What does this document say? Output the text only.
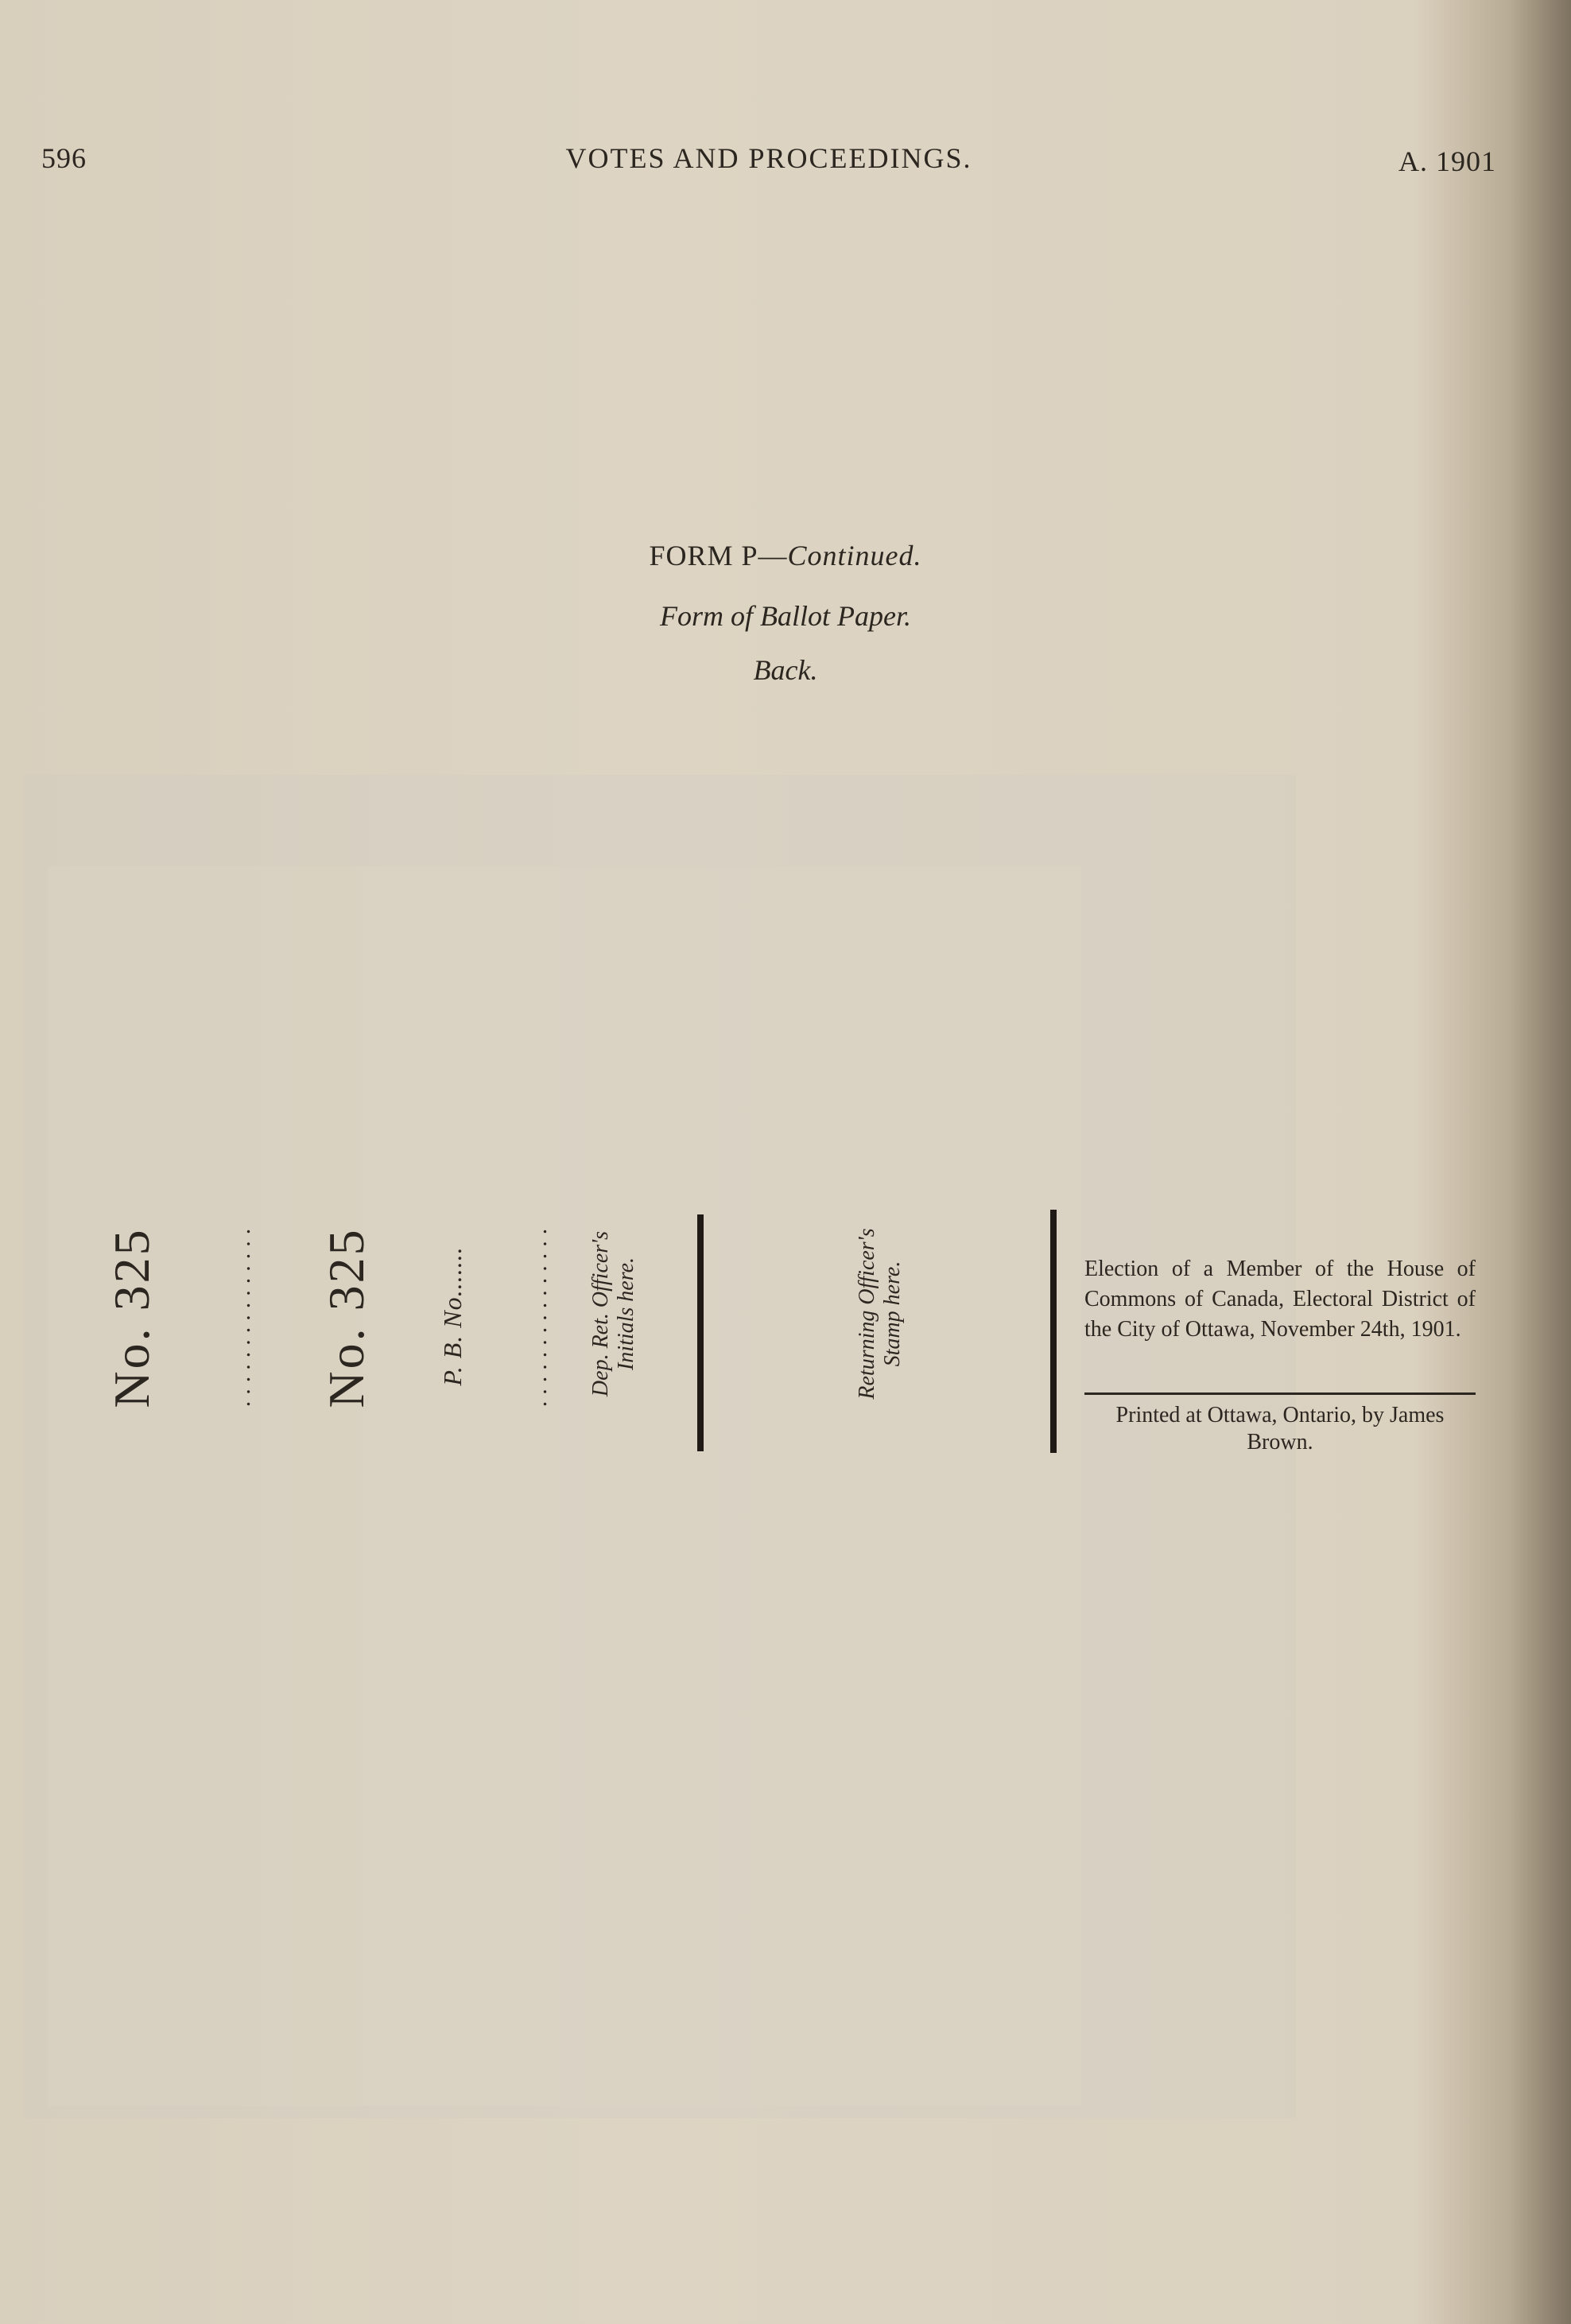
596	VOTES AND PROCEEDINGS.	A. 1901
FORM P—Continued.
Form of Ballot Paper.
Back.
No. 325	............... No. 325	P. B. No....... ............... Dep. Ret. Officer's Initials here.	Returning Officer's Stamp here.	Election of a Member of the House of Commons of Canada, Electoral District of the City of Ottawa, November 24th, 1901.
Printed at Ottawa, Ontario, by James Brown.
